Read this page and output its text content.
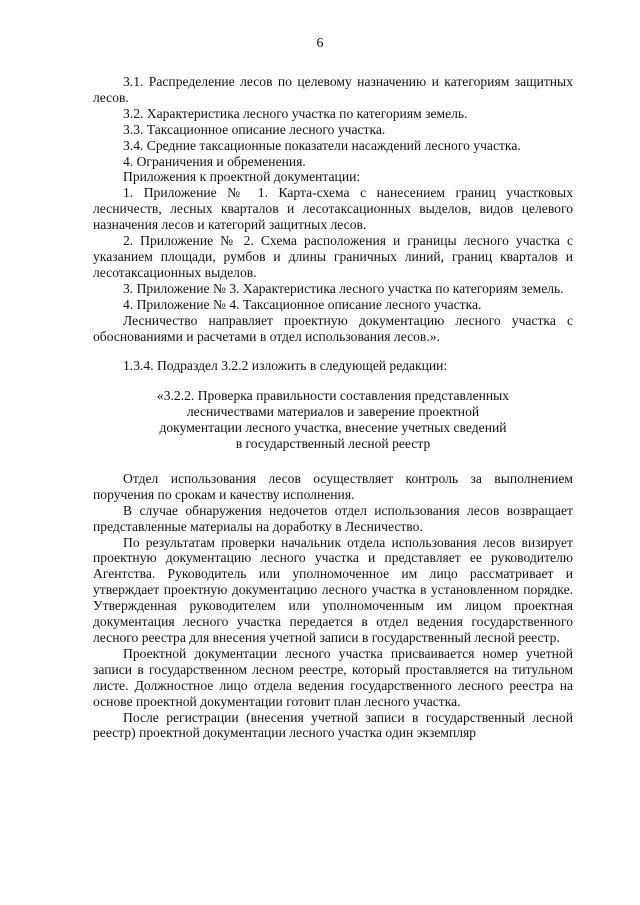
6

3.1. Распределение лесов по целевому назначению и категориям защитных лесов.

3.2. Характеристика лесного участка по категориям земель.

3.3. Таксационное описание лесного участка.

3.4. Средние таксационные показатели насаждений лесного участка.

4. Ограничения и обременения.

Приложения к проектной документации:

1. Приложение № 1. Карта-схема с нанесением границ участковых лесничеств, лесных кварталов и лесотаксационных выделов, видов целевого назначения лесов и категорий защитных лесов.

2. Приложение № 2. Схема расположения и границы лесного участка с указанием площади, румбов и длины граничных линий, границ кварталов и лесотаксационных выделов.

3. Приложение № 3. Характеристика лесного участка по категориям земель.

4. Приложение № 4. Таксационное описание лесного участка.

Лесничество направляет проектную документацию лесного участка с обоснованиями и расчетами в отдел использования лесов.».

1.3.4. Подраздел 3.2.2 изложить в следующей редакции:

«3.2.2. Проверка правильности составления представленных
лесничествами материалов и заверение проектной
документации лесного участка, внесение учетных сведений
в государственный лесной реестр

Отдел использования лесов осуществляет контроль за выполнением поручения по срокам и качеству исполнения.

В случае обнаружения недочетов отдел использования лесов возвращает представленные материалы на доработку в Лесничество.

По результатам проверки начальник отдела использования лесов визирует проектную документацию лесного участка и представляет ее руководителю Агентства. Руководитель или уполномоченное им лицо рассматривает и утверждает проектную документацию лесного участка в установленном порядке. Утвержденная руководителем или уполномоченным им лицом проектная документация лесного участка передается в отдел ведения государственного лесного реестра для внесения учетной записи в государственный лесной реестр.

Проектной документации лесного участка присваивается номер учетной записи в государственном лесном реестре, который проставляется на титульном листе. Должностное лицо отдела ведения государственного лесного реестра на основе проектной документации готовит план лесного участка.

После регистрации (внесения учетной записи в государственный лесной реестр) проектной документации лесного участка один экземпляр
